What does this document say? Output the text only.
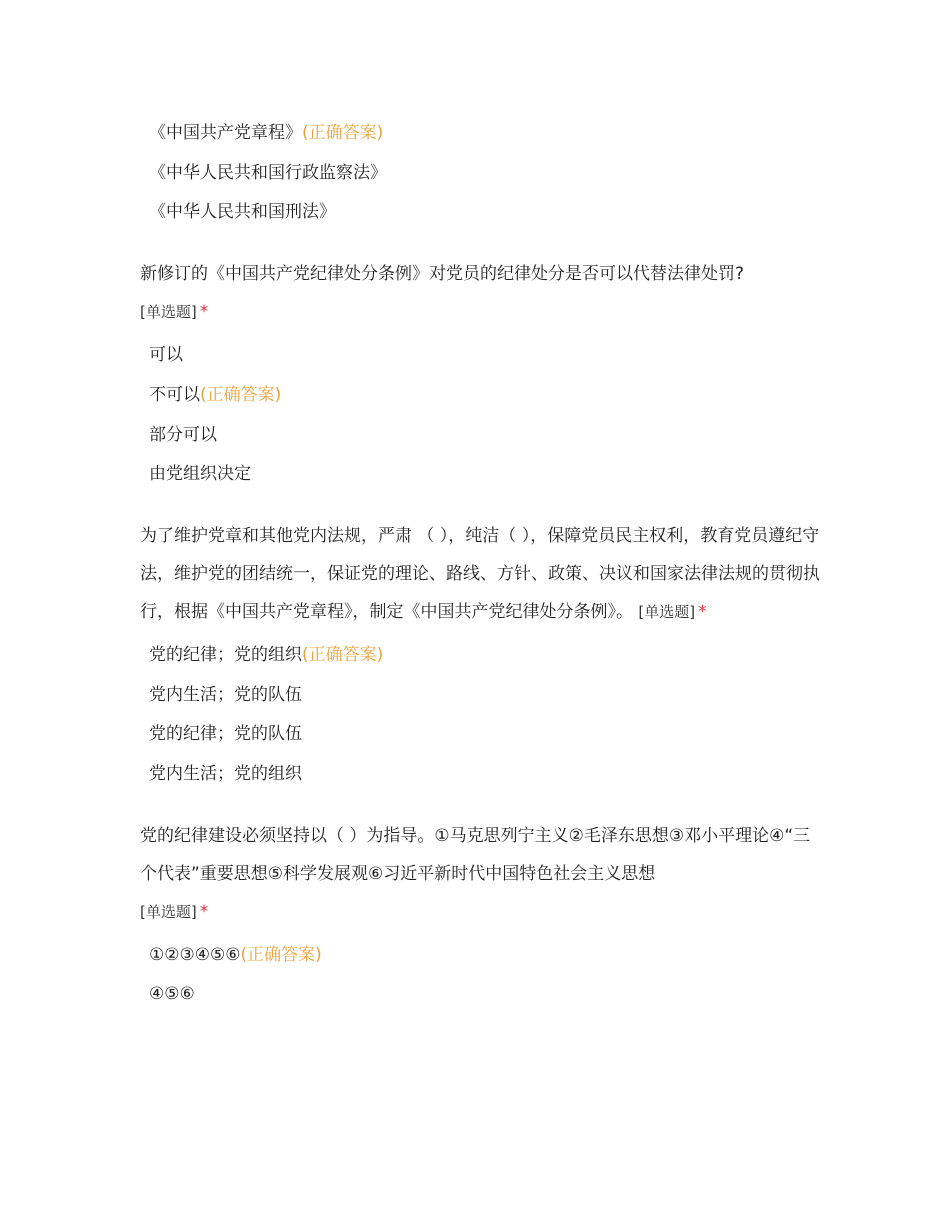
《中国共产党章程》(正确答案)
《中华人民共和国行政监察法》
《中华人民共和国刑法》
新修订的《中国共产党纪律处分条例》对党员的纪律处分是否可以代替法律处罚?
[单选题] *
可以
不可以(正确答案)
部分可以
由党组织决定
为了维护党章和其他党内法规，严肃 （ ），纯洁（ ），保障党员民主权利，教育党员遵纪守法，维护党的团结统一，保证党的理论、路线、方针、政策、决议和国家法律法规的贯彻执行，根据《中国共产党章程》，制定《中国共产党纪律处分条例》。 [单选题] *
党的纪律；党的组织(正确答案)
党内生活；党的队伍
党的纪律；党的队伍
党内生活；党的组织
党的纪律建设必须坚持以（ ）为指导。①马克思列宁主义②毛泽东思想③邓小平理论④“三个代表”重要思想⑤科学发展观⑥习近平新时代中国特色社会主义思想
[单选题] *
①②③④⑤⑥(正确答案)
④⑤⑥
